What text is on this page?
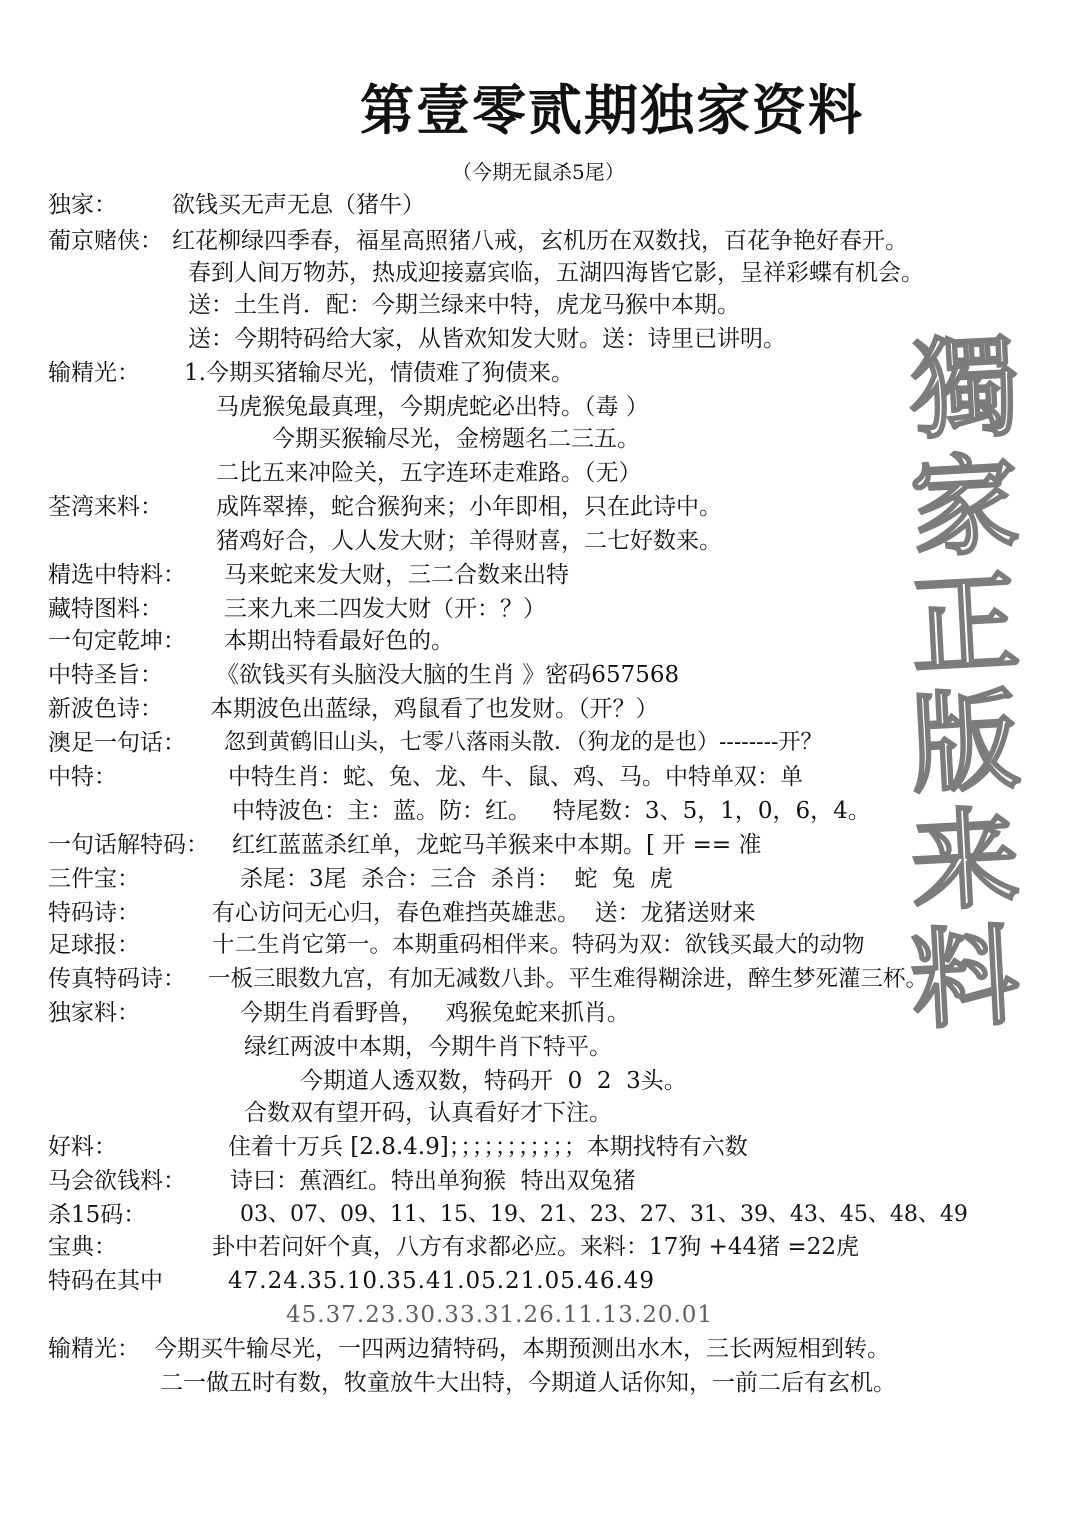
第壹零贰期独家资料
（今期无鼠杀5尾）
獨
家
正
版
来
料
独家： 欲钱买无声无息（猪牛）
葡京赌侠： 红花柳绿四季春，福星高照猪八戒，玄机历在双数找，百花争艳好春开。
春到人间万物苏，热成迎接嘉宾临，五湖四海皆它影，呈祥彩蝶有机会。
送：土生肖．配：今期兰绿来中特，虎龙马猴中本期。
送：今期特码给大家，从皆欢知发大财。送：诗里已讲明。
输精光： 1.今期买猪输尽光，情债难了狗债来。
马虎猴兔最真理，今期虎蛇必出特。（毒 ）
今期买猴输尽光，金榜题名二三五。
二比五来冲险关，五字连环走难路。（无）
荃湾来料： 成阵翠捧，蛇合猴狗来；小年即相，只在此诗中。
猪鸡好合，人人发大财；羊得财喜，二七好数来。
精选中特料： 马来蛇来发大财，三二合数来出特
藏特图料：	三来九来二四发大财（开：？）
一句定乾坤： 本期出特看最好色的。
中特圣旨： 《欲钱买有头脑没大脑的生肖 》密码657568
新波色诗： 本期波色出蓝绿，鸡鼠看了也发财。（开？）
澳足一句话： 忽到黄鹤旧山头，七零八落雨头散．（狗龙的是也）--------开？
中特：	中特生肖：蛇、兔、龙、牛、鼠、鸡、马。中特单双：单
中特波色：主：蓝。防：红。   特尾数：3、5，1，0，6，4。
一句话解特码： 红红蓝蓝杀红单，龙蛇马羊猴来中本期。[ 开 == 准
三件宝：	杀尾：3尾  杀合：三合  杀肖：  蛇  兔  虎
特码诗：	有心访问无心归，春色难挡英雄悲。  送：龙猪送财来
足球报：	十二生肖它第一。本期重码相伴来。特码为双：欲钱买最大的动物
传真特码诗： 一板三眼数九宫，有加无减数八卦。平生难得糊涂进，醉生梦死灌三杯。
独家料：	今期生肖看野兽，   鸡猴兔蛇来抓肖。
绿红两波中本期，今期牛肖下特平。
今期道人透双数，特码开  0  2  3头。
合数双有望开码，认真看好才下注。
好料：	住着十万兵 [2.8.4.9]；；；；；；；；；；；本期找特有六数
马会欲钱料： 诗曰：蕉酒红。特出单狗猴  特出双兔猪
杀15码：	03、07、09、11、15、19、21、23、27、31、39、43、45、48、49
宝典：	卦中若问奸个真，八方有求都必应。来料：17狗 +44猪 =22虎
特码在其中	47.24.35.10.35.41.05.21.05.46.49
45.37.23.30.33.31.26.11.13.20.01
输精光： 今期买牛输尽光，一四两边猜特码，本期预测出水木，三长两短相到转。
二一做五时有数，牧童放牛大出特，今期道人话你知，一前二后有玄机。
